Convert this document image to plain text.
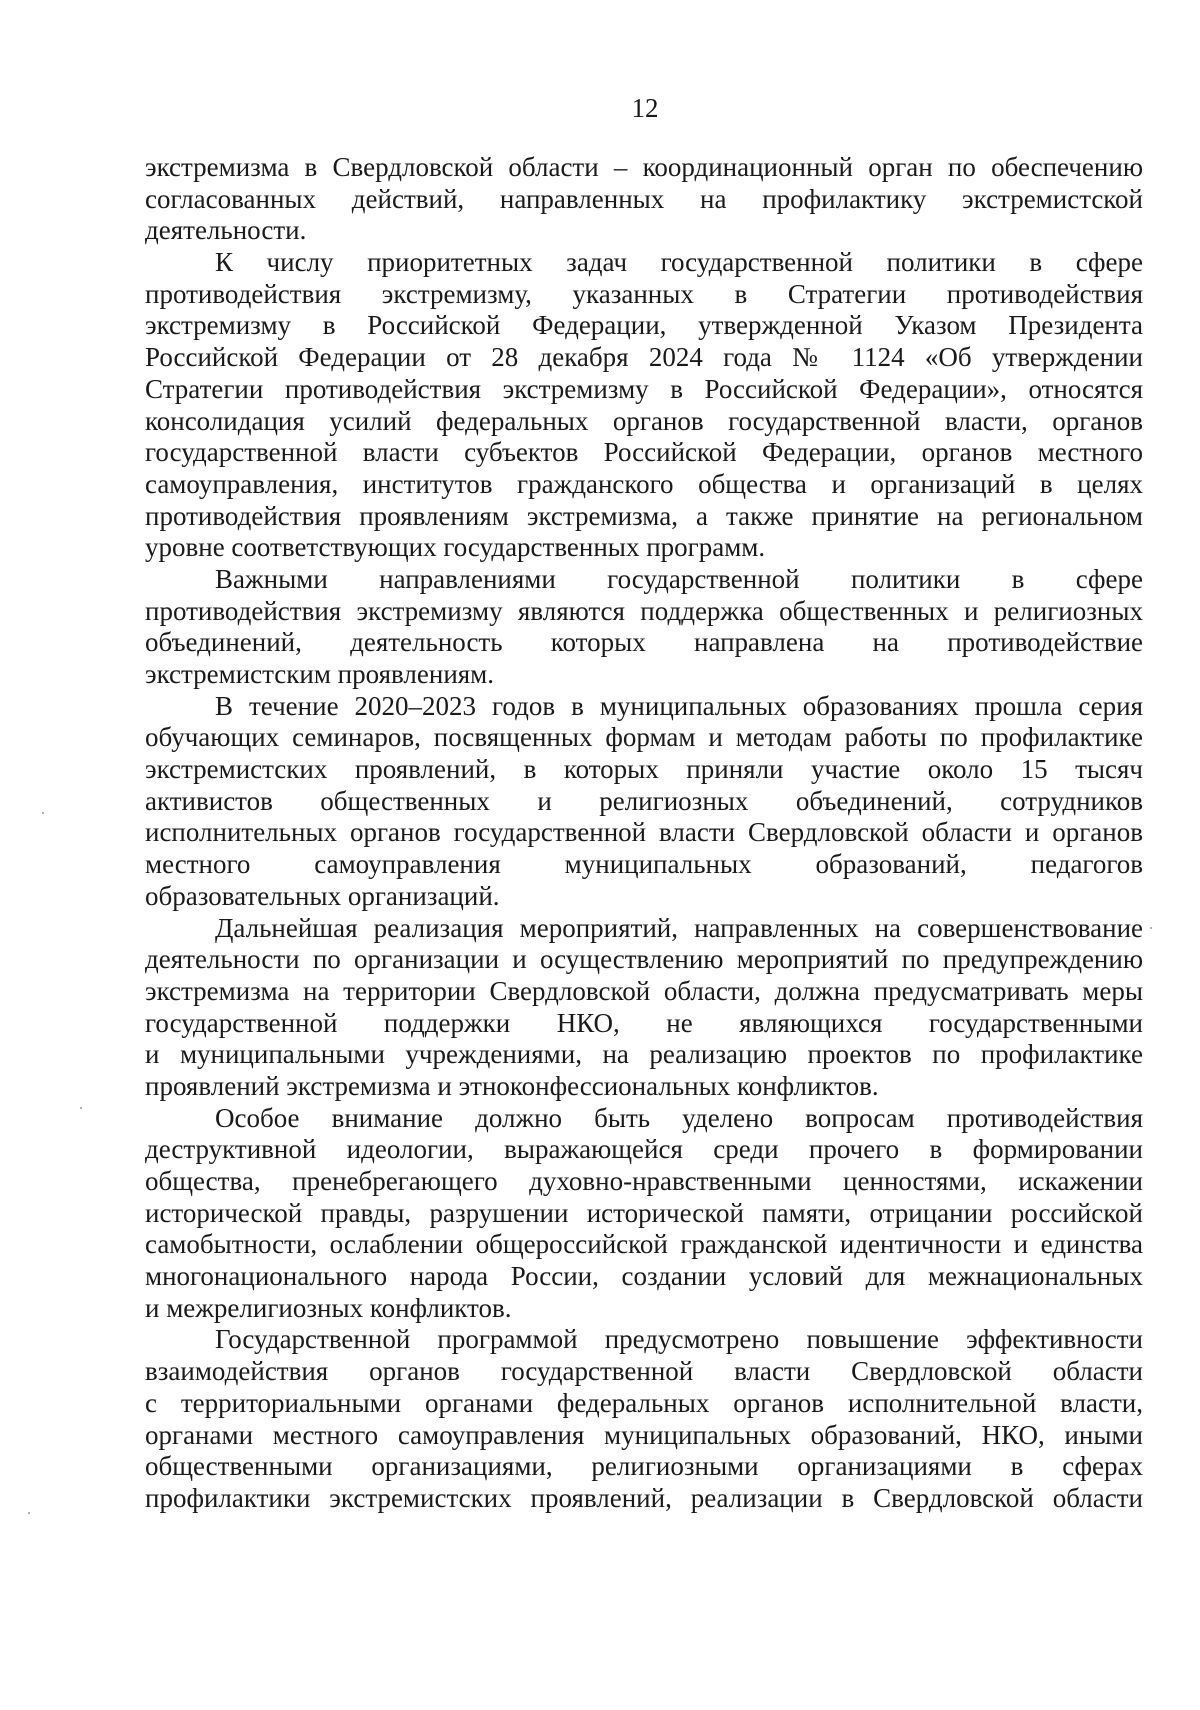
12
экстремизма в Свердловской области – координационный орган по обеспечению
согласованных действий, направленных на профилактику экстремистской
деятельности.
К числу приоритетных задач государственной политики в сфере
противодействия экстремизму, указанных в Стратегии противодействия
экстремизму в Российской Федерации, утвержденной Указом Президента
Российской Федерации от 28 декабря 2024 года № 1124 «Об утверждении
Стратегии противодействия экстремизму в Российской Федерации», относятся
консолидация усилий федеральных органов государственной власти, органов
государственной власти субъектов Российской Федерации, органов местного
самоуправления, институтов гражданского общества и организаций в целях
противодействия проявлениям экстремизма, а также принятие на региональном
уровне соответствующих государственных программ.
Важными направлениями государственной политики в сфере
противодействия экстремизму являются поддержка общественных и религиозных
объединений, деятельность которых направлена на противодействие
экстремистским проявлениям.
В течение 2020–2023 годов в муниципальных образованиях прошла серия
обучающих семинаров, посвященных формам и методам работы по профилактике
экстремистских проявлений, в которых приняли участие около 15 тысяч
активистов общественных и религиозных объединений, сотрудников
исполнительных органов государственной власти Свердловской области и органов
местного самоуправления муниципальных образований, педагогов
образовательных организаций.
Дальнейшая реализация мероприятий, направленных на совершенствование
деятельности по организации и осуществлению мероприятий по предупреждению
экстремизма на территории Свердловской области, должна предусматривать меры
государственной поддержки НКО, не являющихся государственными
и муниципальными учреждениями, на реализацию проектов по профилактике
проявлений экстремизма и этноконфессиональных конфликтов.
Особое внимание должно быть уделено вопросам противодействия
деструктивной идеологии, выражающейся среди прочего в формировании
общества, пренебрегающего духовно-нравственными ценностями, искажении
исторической правды, разрушении исторической памяти, отрицании российской
самобытности, ослаблении общероссийской гражданской идентичности и единства
многонационального народа России, создании условий для межнациональных
и межрелигиозных конфликтов.
Государственной программой предусмотрено повышение эффективности
взаимодействия органов государственной власти Свердловской области
с территориальными органами федеральных органов исполнительной власти,
органами местного самоуправления муниципальных образований, НКО, иными
общественными организациями, религиозными организациями в сферах
профилактики экстремистских проявлений, реализации в Свердловской области
